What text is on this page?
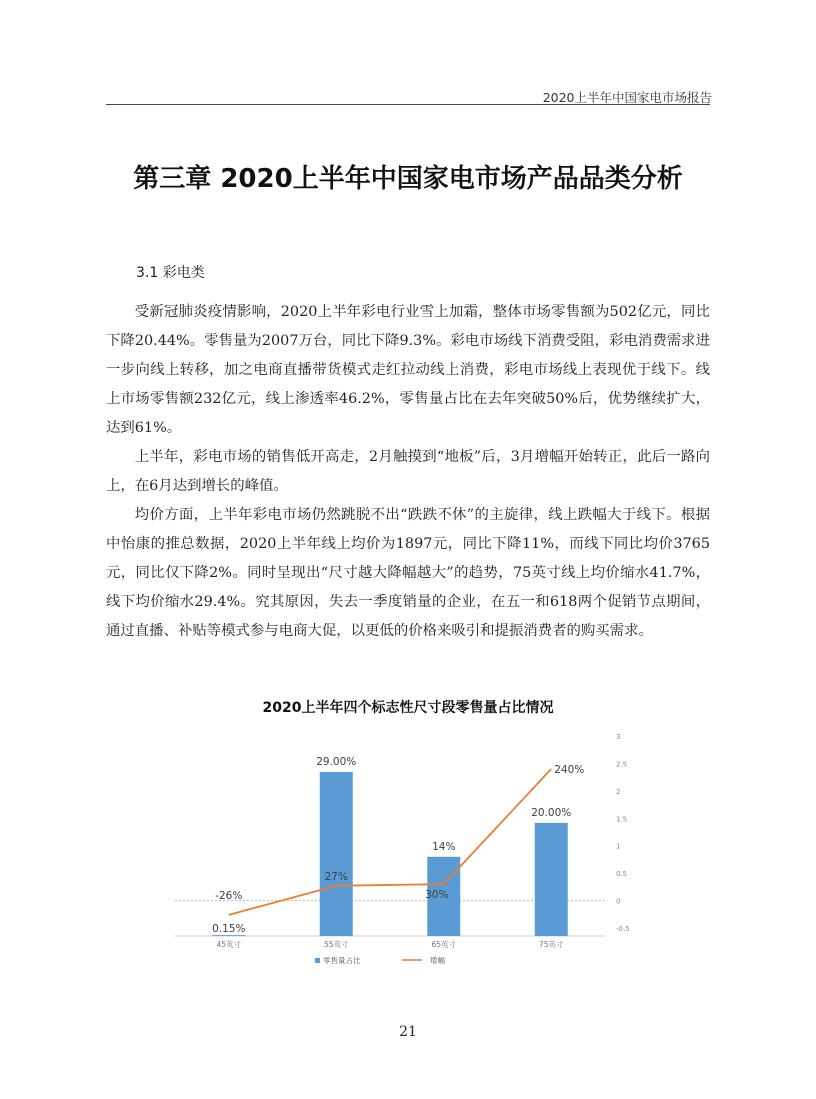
2020上半年中国家电市场报告
第三章 2020上半年中国家电市场产品品类分析
3.1 彩电类

受新冠肺炎疫情影响，2020上半年彩电行业雪上加霜，整体市场零售额为502亿元，同比下降20.44%。零售量为2007万台，同比下降9.3%。彩电市场线下消费受阻，彩电消费需求进一步向线上转移，加之电商直播带货模式走红拉动线上消费，彩电市场线上表现优于线下。线上市场零售额232亿元，线上渗透率46.2%，零售量占比在去年突破50%后，优势继续扩大，达到61%。

上半年，彩电市场的销售低开高走，2月触摸到“地板”后，3月增幅开始转正，此后一路向上，在6月达到增长的峰值。

均价方面，上半年彩电市场仍然跳脱不出“跌跌不休”的主旋律，线上跌幅大于线下。根据中怡康的推总数据，2020上半年线上均价为1897元，同比下降11%，而线下同比均价3765元，同比仅下降2%。同时呈现出“尺寸越大降幅越大”的趋势，75英寸线上均价缩水41.7%，线下均价缩水29.4%。究其原因，失去一季度销量的企业，在五一和618两个促销节点期间，通过直播、补贴等模式参与电商大促，以更低的价格来吸引和提振消费者的购买需求。

2020上半年四个标志性尺寸段零售量占比情况
3
2.5
2
1.5
1
0.5
0
-0.5
0.15%
29.00%
14%
20.00%
-26%
27%
30%
240%
45英寸	55英寸	65英寸	75英寸
零售量占比	增幅
21
